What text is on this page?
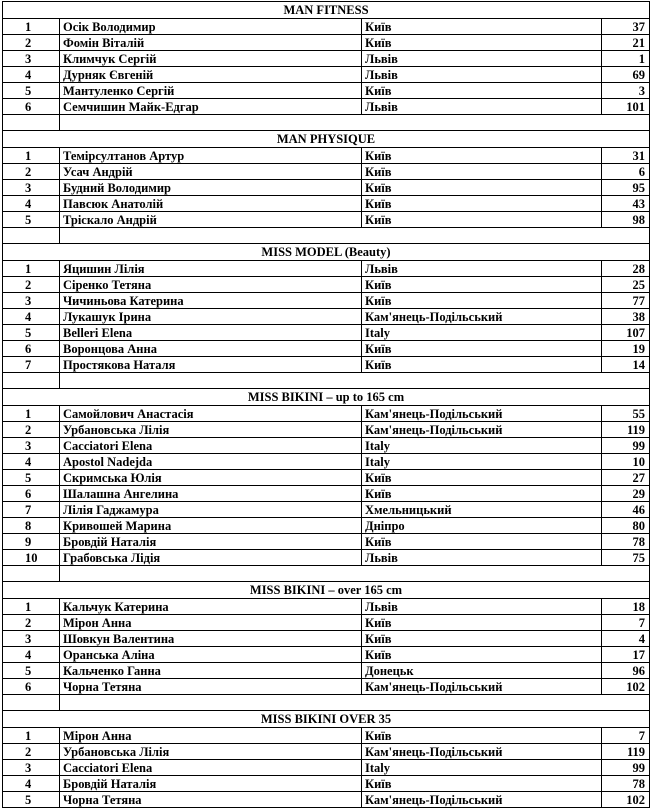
MAN FITNESS			
1	Осiк Володимир	Київ	37
2	Фомiн Вiталiй	Київ	21
3	Климчук Сергiй	Львiв	1
4	Дурняк Євгенiй	Львiв	69
5	Мантуленко Сергiй	Київ	3
6	Семчишин Майк-Едгар	Львiв	101

MAN PHYSIQUE			
1	Темiрсултанов Артур	Київ	31
2	Усач Андрiй	Київ	6
3	Будний Володимир	Київ	95
4	Павсюк Анатолiй	Київ	43
5	Трiскало Андрiй	Київ	98

MISS MODEL (Beauty)			
1	Яцишин Лiлiя	Львiв	28
2	Сiренко Тетяна	Київ	25
3	Чичиньова Катерина	Київ	77
4	Лукашук Iрина	Кам'янець-Подiльський	38
5	Belleri Elena	Italy	107
6	Воронцова Анна	Київ	19
7	Простякова Наталя	Київ	14

MISS BIKINI – up to 165 cm			
1	Самойлович Анастасiя	Кам'янець-Подiльський	55
2	Урбановська Лiлiя	Кам'янець-Подiльський	119
3	Cacciatori Elena	Italy	99
4	Apostol Nadejda	Italy	10
5	Скримська Юлiя	Київ	27
6	Шалашна Ангелина	Київ	29
7	Лiлiя Гаджамура	Хмельницький	46
8	Кривошей Марина	Днiпро	80
9	Бровдiй Наталiя	Київ	78
10	Грабовська Лiдiя	Львiв	75

MISS BIKINI – over 165 cm			
1	Кальчук Катерина	Львiв	18
2	Мiрон Анна	Київ	7
3	Шовкун Валентина	Київ	4
4	Оранська Алiна	Київ	17
5	Кальченко Ганна	Донецьк	96
6	Чорна Тетяна	Кам'янець-Подiльський	102

MISS BIKINI OVER 35			
1	Мiрон Анна	Київ	7
2	Урбановська Лiлiя	Кам'янець-Подiльський	119
3	Cacciatori Elena	Italy	99
4	Бровдiй Наталiя	Київ	78
5	Чорна Тетяна	Кам'янець-Подiльський	102
